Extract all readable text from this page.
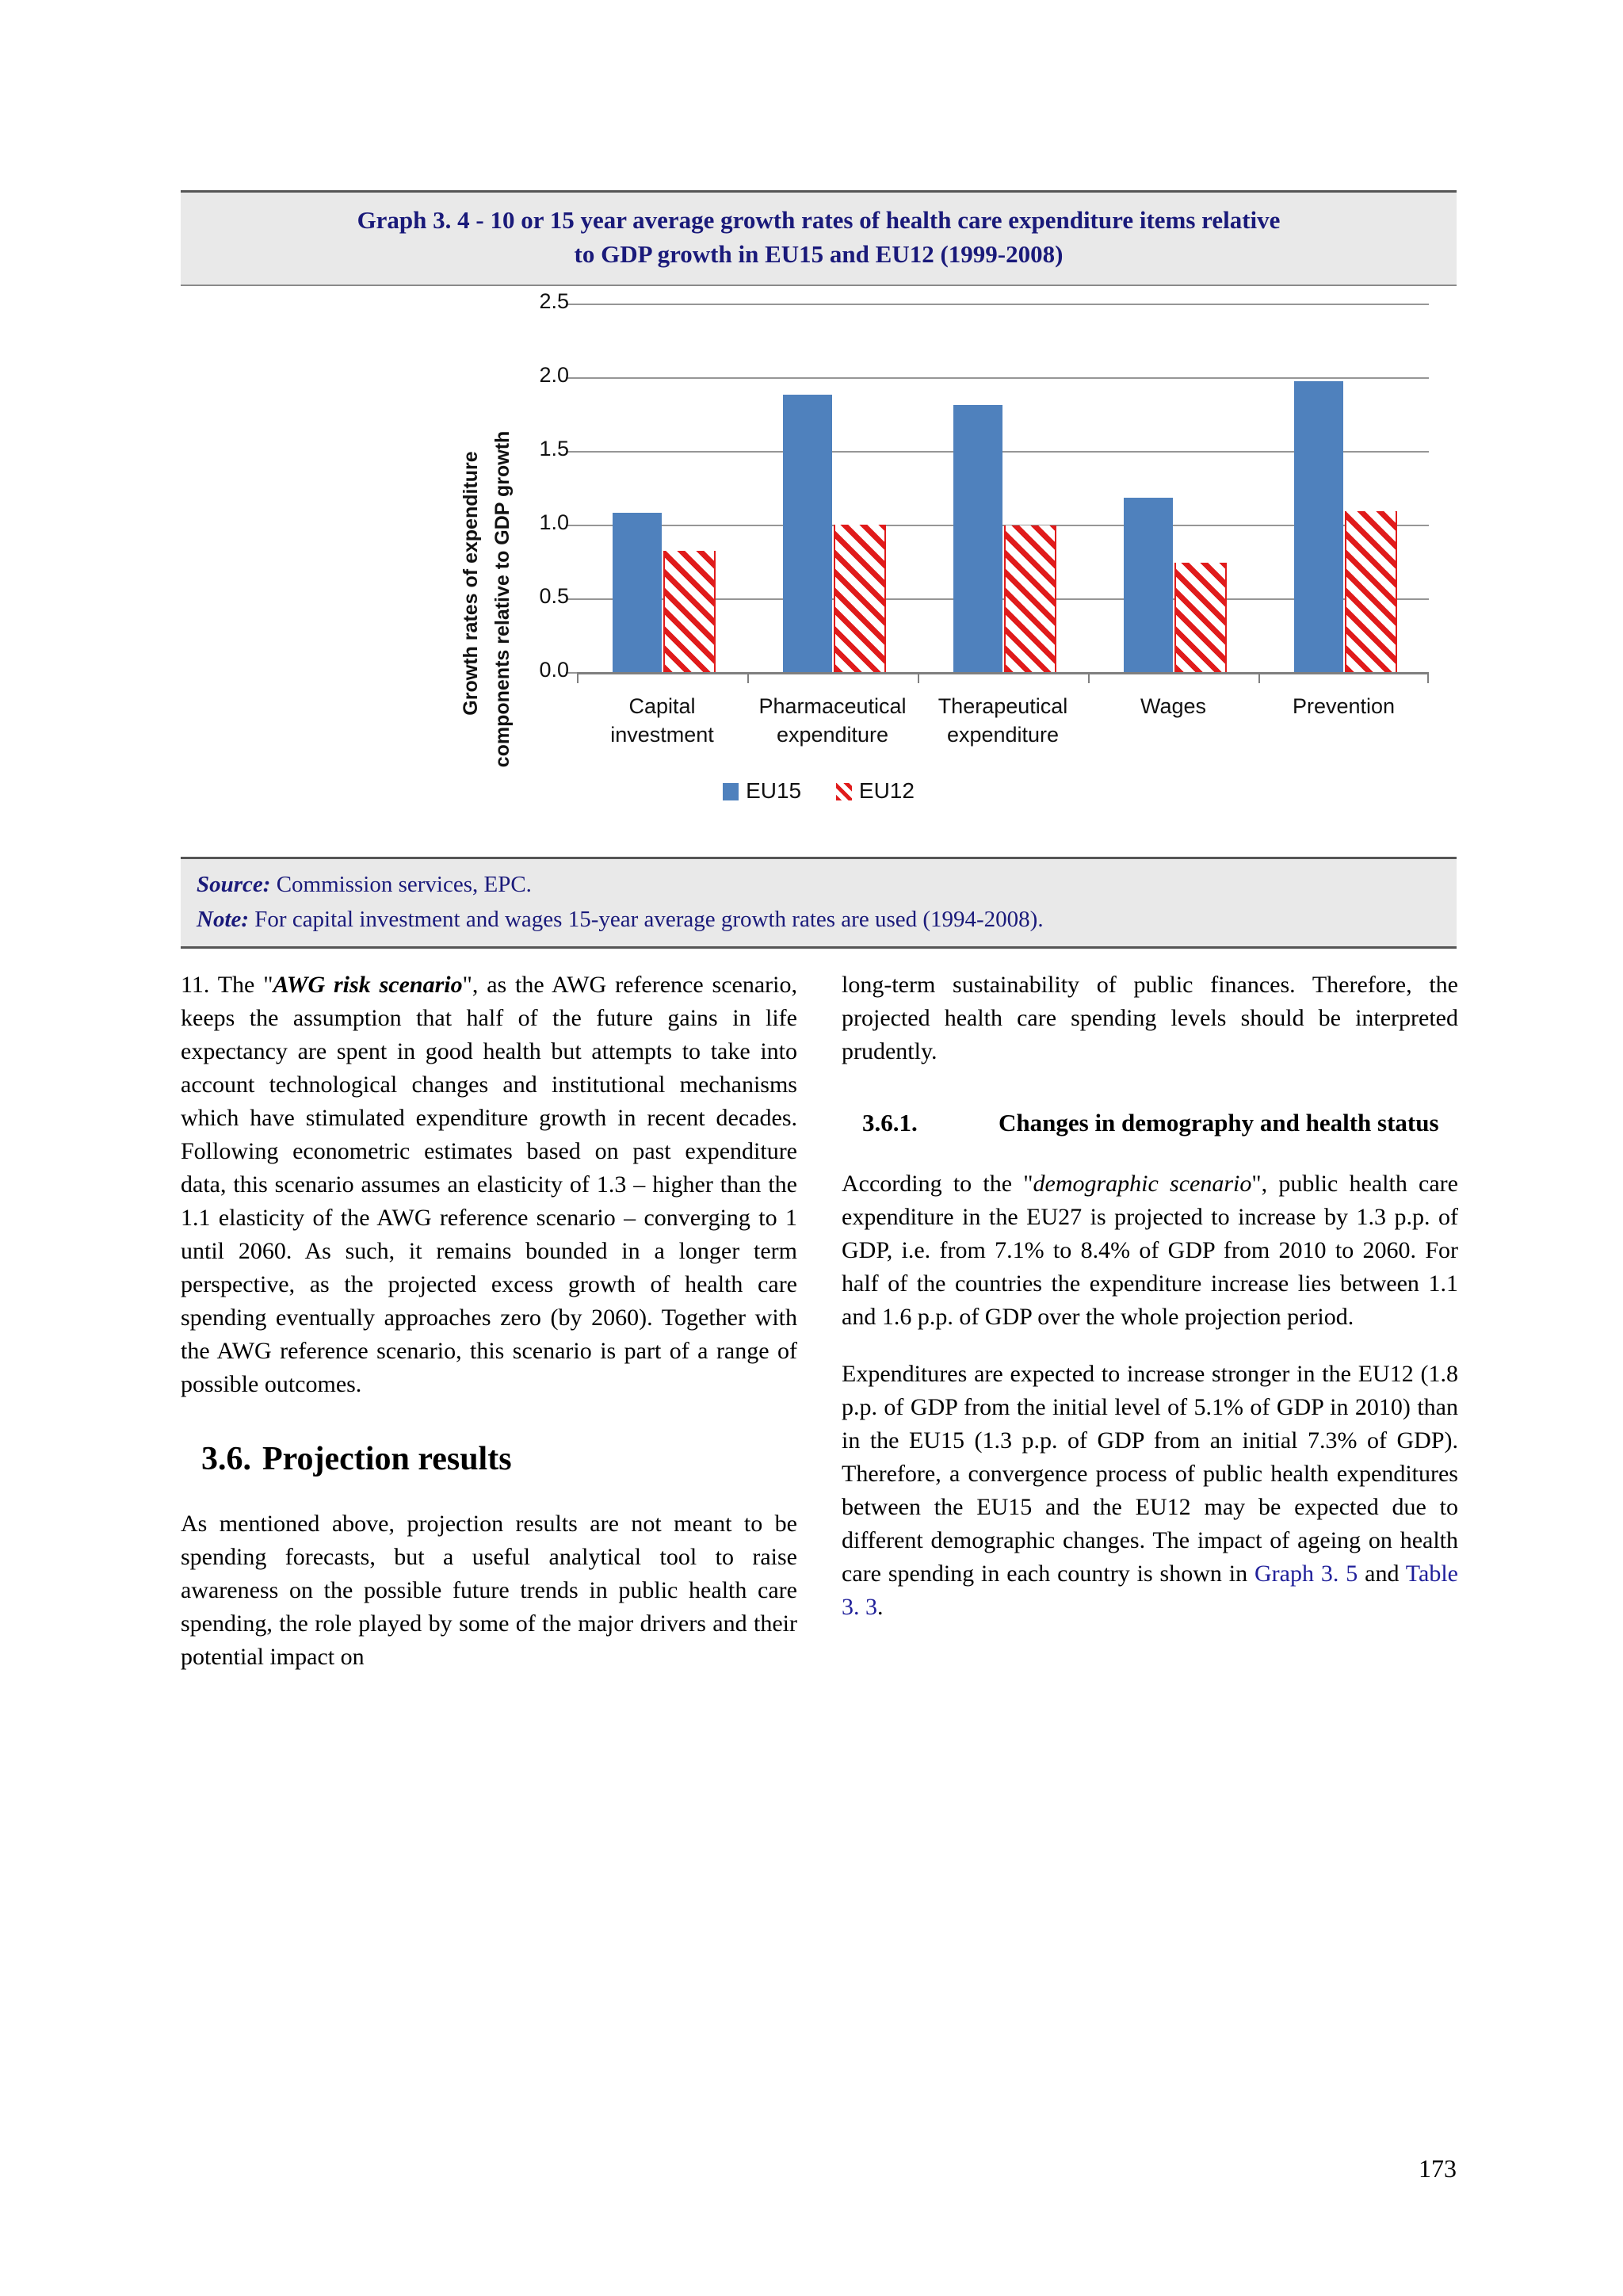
Graph 3. 4 - 10 or 15 year average growth rates of health care expenditure items relative
to GDP growth in EU15 and EU12 (1999-2008)
Growth rates of expenditure components relative to GDP growth
2.5
2.0
1.5
1.0
0.5
0.0
Capital
investment
Pharmaceutical
expenditure
Therapeutical
expenditure
Wages	Prevention
EU15	EU12
Source: Commission services, EPC.
Note: For capital investment and wages 15-year average growth rates are used (1994-2008).

11. The "AWG risk scenario", as the AWG reference scenario, keeps the assumption that half of the future gains in life expectancy are spent in good health but attempts to take into account technological changes and institutional mechanisms which have stimulated expenditure growth in recent decades. Following econometric estimates based on past expenditure data, this scenario assumes an elasticity of 1.3 – higher than the 1.1 elasticity of the AWG reference scenario – converging to 1 until 2060. As such, it remains bounded in a longer term perspective, as the projected excess growth of health care spending eventually approaches zero (by 2060). Together with the AWG reference scenario, this scenario is part of a range of possible outcomes.

3.6. Projection results

As mentioned above, projection results are not meant to be spending forecasts, but a useful analytical tool to raise awareness on the possible future trends in public health care spending, the role played by some of the major drivers and their potential impact on

long-term sustainability of public finances. Therefore, the projected health care spending levels should be interpreted prudently.

3.6.1.	Changes in demography and health status

According to the "demographic scenario", public health care expenditure in the EU27 is projected to increase by 1.3 p.p. of GDP, i.e. from 7.1% to 8.4% of GDP from 2010 to 2060. For half of the countries the expenditure increase lies between 1.1 and 1.6 p.p. of GDP over the whole projection period.

Expenditures are expected to increase stronger in the EU12 (1.8 p.p. of GDP from the initial level of 5.1% of GDP in 2010) than in the EU15 (1.3 p.p. of GDP from an initial 7.3% of GDP). Therefore, a convergence process of public health expenditures between the EU15 and the EU12 may be expected due to different demographic changes. The impact of ageing on health care spending in each country is shown in Graph 3. 5 and Table 3. 3.

173
